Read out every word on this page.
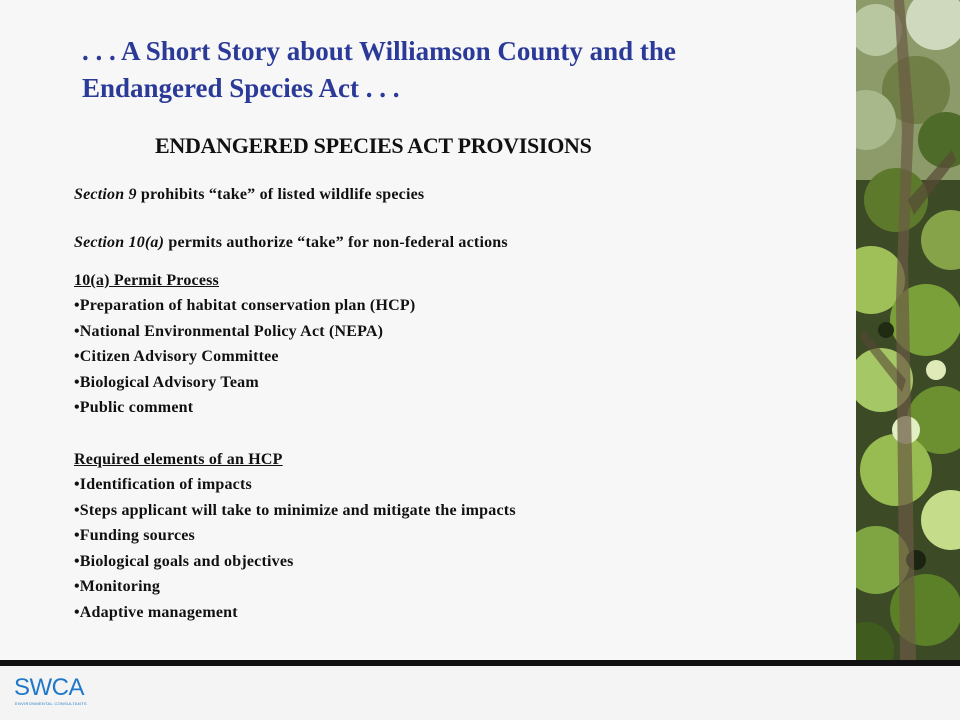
SWCA
ENVIRONMENTAL CONSULTANTS
. . . A Short Story about Williamson County and the
Endangered Species Act . . .
ENDANGERED SPECIES ACT PROVISIONS
Section 9 prohibits “take” of listed wildlife species
Section 10(a) permits authorize “take” for non-federal actions
10(a) Permit Process
•Preparation of habitat conservation plan (HCP)
•National Environmental Policy Act (NEPA)
•Citizen Advisory Committee
•Biological Advisory Team
•Public comment
Required elements of an HCP
•Identification of impacts
•Steps applicant will take to minimize and mitigate the impacts
•Funding sources
•Biological goals and objectives
•Monitoring
•Adaptive management
